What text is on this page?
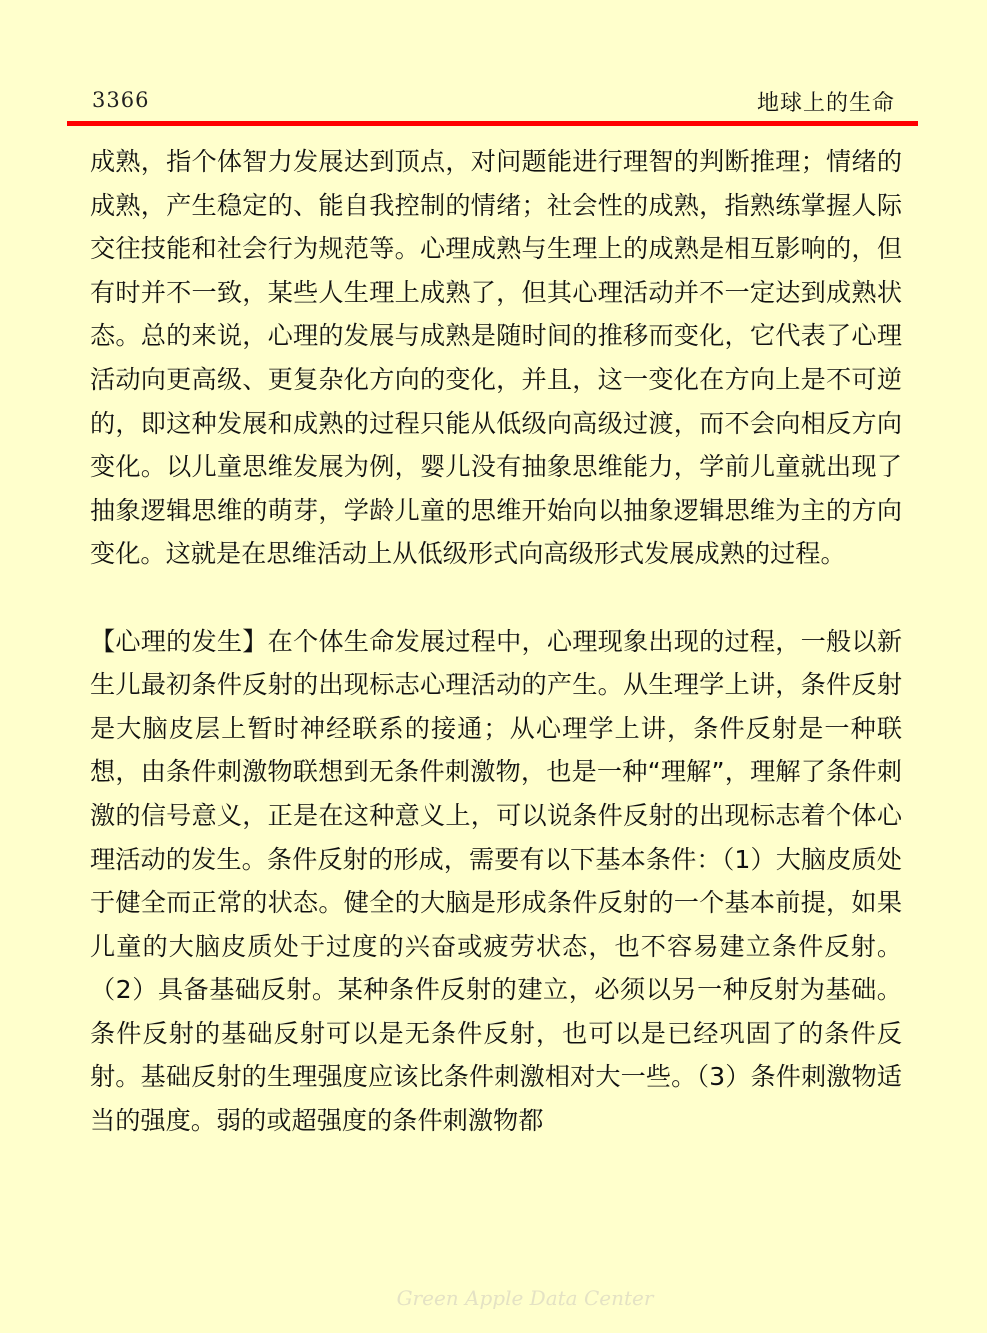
3366	地球上的生命

成熟，指个体智力发展达到顶点，对问题能进行理智的判断推理；情绪的成熟，产生稳定的、能自我控制的情绪；社会性的成熟，指熟练掌握人际交往技能和社会行为规范等。心理成熟与生理上的成熟是相互影响的，但有时并不一致，某些人生理上成熟了，但其心理活动并不一定达到成熟状态。总的来说，心理的发展与成熟是随时间的推移而变化，它代表了心理活动向更高级、更复杂化方向的变化，并且，这一变化在方向上是不可逆的，即这种发展和成熟的过程只能从低级向高级过渡，而不会向相反方向变化。以儿童思维发展为例，婴儿没有抽象思维能力，学前儿童就出现了抽象逻辑思维的萌芽，学龄儿童的思维开始向以抽象逻辑思维为主的方向变化。这就是在思维活动上从低级形式向高级形式发展成熟的过程。

【心理的发生】在个体生命发展过程中，心理现象出现的过程，一般以新生儿最初条件反射的出现标志心理活动的产生。从生理学上讲，条件反射是大脑皮层上暂时神经联系的接通；从心理学上讲，条件反射是一种联想，由条件刺激物联想到无条件刺激物，也是一种“理解”，理解了条件刺激的信号意义，正是在这种意义上，可以说条件反射的出现标志着个体心理活动的发生。条件反射的形成，需要有以下基本条件：（1）大脑皮质处于健全而正常的状态。健全的大脑是形成条件反射的一个基本前提，如果儿童的大脑皮质处于过度的兴奋或疲劳状态，也不容易建立条件反射。（2）具备基础反射。某种条件反射的建立，必须以另一种反射为基础。条件反射的基础反射可以是无条件反射，也可以是已经巩固了的条件反射。基础反射的生理强度应该比条件刺激相对大一些。（3）条件刺激物适当的强度。弱的或超强度的条件刺激物都

Green Apple Data Center
